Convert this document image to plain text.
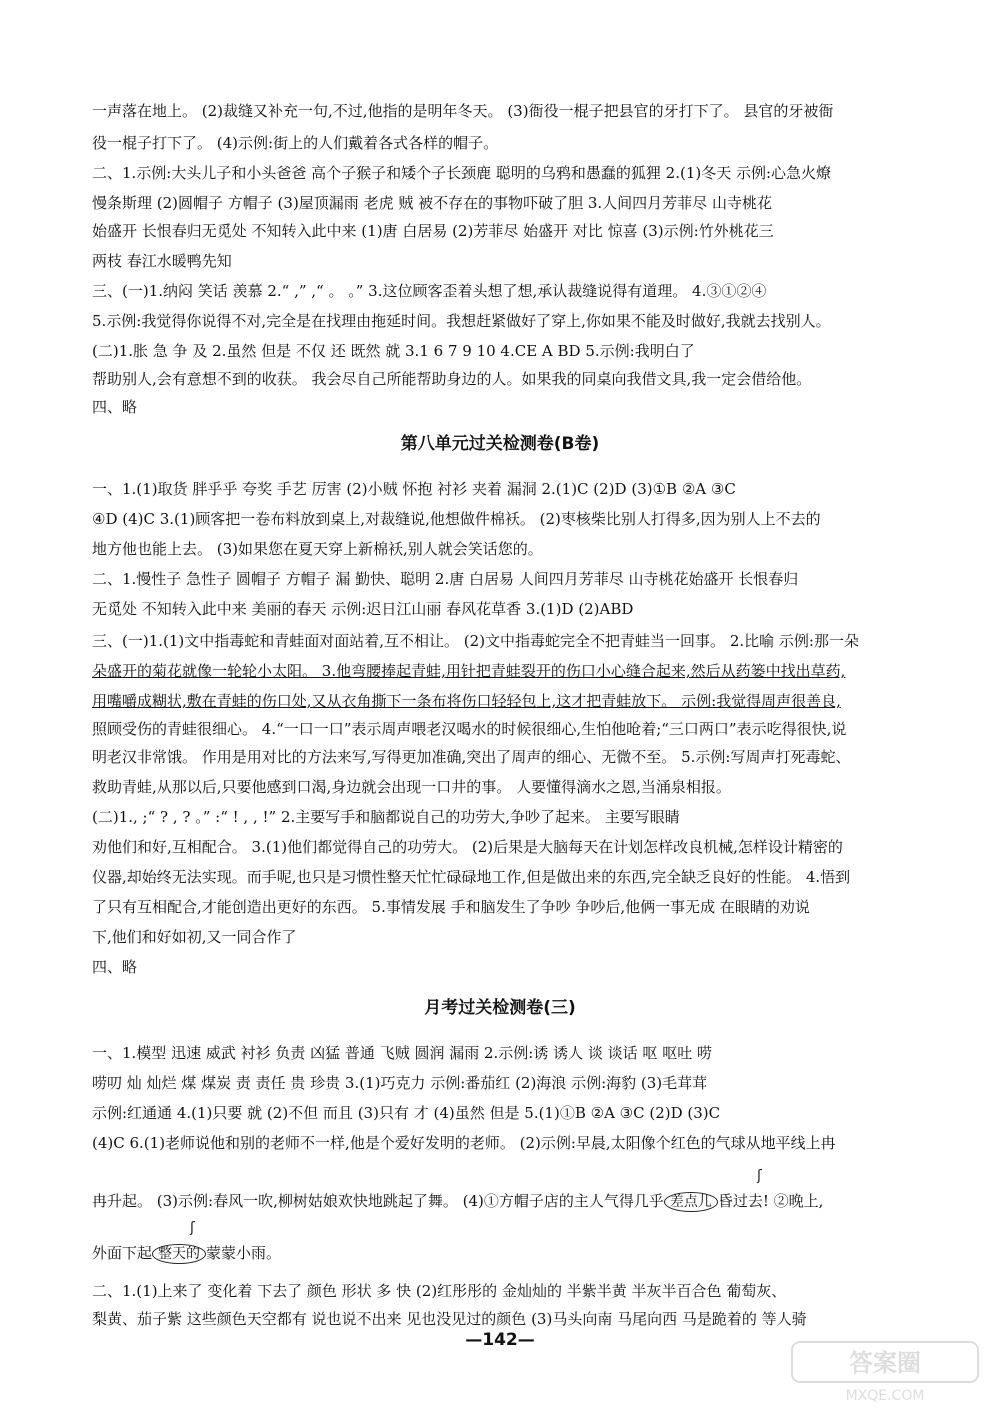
一声落在地上。 (2)裁缝又补充一句,不过,他指的是明年冬天。 (3)衙役一棍子把县官的牙打下了。 县官的牙被衙
役一棍子打下了。 (4)示例:街上的人们戴着各式各样的帽子。
二、1.示例:大头儿子和小头爸爸 高个子猴子和矮个子长颈鹿 聪明的乌鸦和愚蠢的狐狸 2.(1)冬天 示例:心急火燎
慢条斯理 (2)圆帽子 方帽子 (3)屋顶漏雨 老虎 贼 被不存在的事物吓破了胆 3.人间四月芳菲尽 山寺桃花
始盛开 长恨春归无觅处 不知转入此中来 (1)唐 白居易 (2)芳菲尽 始盛开 对比 惊喜 (3)示例:竹外桃花三
两枝 春江水暖鸭先知
三、(一)1.纳闷 笑话 羡慕 2.“ ,” ,“ 。 。” 3.这位顾客歪着头想了想,承认裁缝说得有道理。 4.③①②④
5.示例:我觉得你说得不对,完全是在找理由拖延时间。我想赶紧做好了穿上,你如果不能及时做好,我就去找别人。
(二)1.胀 急 争 及 2.虽然 但是 不仅 还 既然 就 3.1 6 7 9 10 4.CE A BD 5.示例:我明白了
帮助别人,会有意想不到的收获。 我会尽自己所能帮助身边的人。如果我的同桌向我借文具,我一定会借给他。
四、略
第八单元过关检测卷(B卷)
一、1.(1)取货 胖乎乎 夸奖 手艺 厉害 (2)小贼 怀抱 衬衫 夹着 漏洞 2.(1)C (2)D (3)①B ②A ③C
④D (4)C 3.(1)顾客把一卷布料放到桌上,对裁缝说,他想做件棉袄。 (2)枣核柴比别人打得多,因为别人上不去的
地方他也能上去。 (3)如果您在夏天穿上新棉袄,别人就会笑话您的。
二、1.慢性子 急性子 圆帽子 方帽子 漏 勤快、聪明 2.唐 白居易 人间四月芳菲尽 山寺桃花始盛开 长恨春归
无觅处 不知转入此中来 美丽的春天 示例:迟日江山丽 春风花草香 3.(1)D (2)ABD
三、(一)1.(1)文中指毒蛇和青蛙面对面站着,互不相让。 (2)文中指毒蛇完全不把青蛙当一回事。 2.比喻 示例:那一朵
朵盛开的菊花就像一轮轮小太阳。 3.他弯腰捧起青蛙,用针把青蛙裂开的伤口小心缝合起来,然后从药篓中找出草药,
用嘴嚼成糊状,敷在青蛙的伤口处,又从衣角撕下一条布将伤口轻轻包上,这才把青蛙放下。 示例:我觉得周声很善良,
照顾受伤的青蛙很细心。 4.“一口一口”表示周声喂老汉喝水的时候很细心,生怕他呛着;“三口两口”表示吃得很快,说
明老汉非常饿。 作用是用对比的方法来写,写得更加准确,突出了周声的细心、无微不至。 5.示例:写周声打死毒蛇、
救助青蛙,从那以后,只要他感到口渴,身边就会出现一口井的事。 人要懂得滴水之恩,当涌泉相报。
(二)1., ;“ ? , ? 。” :“ ! , , !” 2.主要写手和脑都说自己的功劳大,争吵了起来。 主要写眼睛
劝他们和好,互相配合。 3.(1)他们都觉得自己的功劳大。 (2)后果是大脑每天在计划怎样改良机械,怎样设计精密的
仪器,却始终无法实现。而手呢,也只是习惯性整天忙忙碌碌地工作,但是做出来的东西,完全缺乏良好的性能。 4.悟到
了只有互相配合,才能创造出更好的东西。 5.事情发展 手和脑发生了争吵 争吵后,他俩一事无成 在眼睛的劝说
下,他们和好如初,又一同合作了
四、略
月考过关检测卷(三)
一、1.模型 迅速 威武 衬衫 负责 凶猛 普通 飞贼 圆润 漏雨 2.示例:诱 诱人 谈 谈话 呕 呕吐 唠
唠叨 灿 灿烂 煤 煤炭 责 责任 贵 珍贵 3.(1)巧克力 示例:番茄红 (2)海浪 示例:海豹 (3)毛茸茸
示例:红通通 4.(1)只要 就 (2)不但 而且 (3)只有 才 (4)虽然 但是 5.(1)①B ②A ③C (2)D (3)C
(4)C 6.(1)老师说他和别的老师不一样,他是个爱好发明的老师。 (2)示例:早晨,太阳像个红色的气球从地平线上冉
冉升起。 (3)示例:春风一吹,柳树姑娘欢快地跳起了舞。 (4)①方帽子店的主人气得几乎 差点儿 昏过去! ②晚上,
ʃ
外面下起 整天的 蒙蒙小雨。
ʃ
二、1.(1)上来了 变化着 下去了 颜色 形状 多 快 (2)红彤彤的 金灿灿的 半紫半黄 半灰半百合色 葡萄灰、
梨黄、茄子紫 这些颜色天空都有 说也说不出来 见也没见过的颜色 (3)马头向南 马尾向西 马是跪着的 等人骑
—142—
答案圈
MXQE.COM
